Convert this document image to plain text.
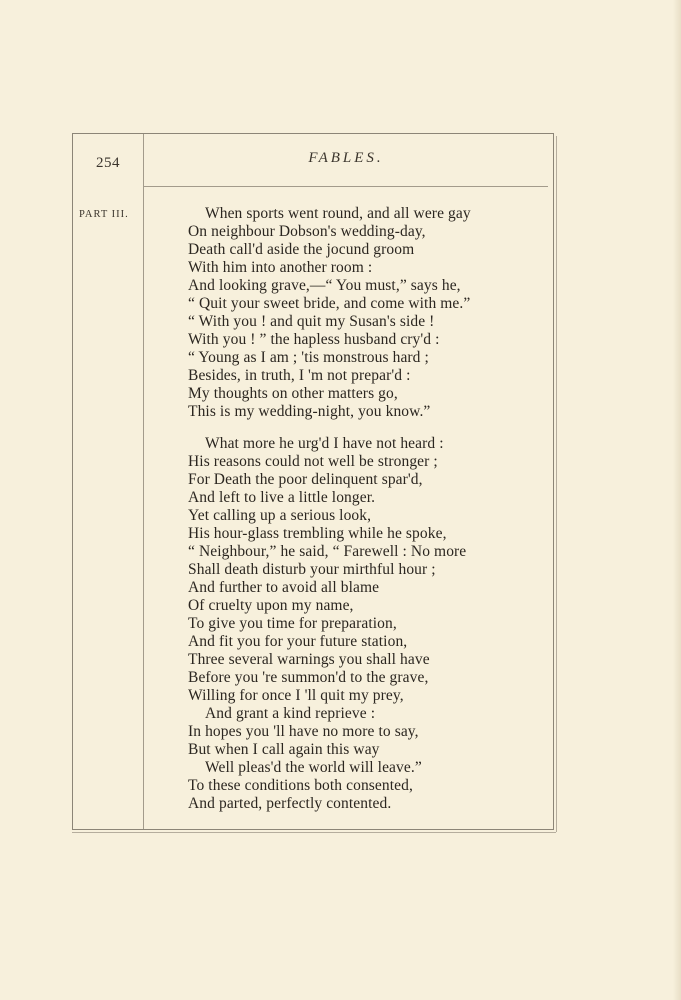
254	FABLES.
PART III.	When sports went round, and all were gay
On neighbour Dobson's wedding-day,
Death call'd aside the jocund groom
With him into another room :
And looking grave,—“ You must,” says he,
“ Quit your sweet bride, and come with me.”
“ With you ! and quit my Susan's side !
With you ! ” the hapless husband cry'd :
“ Young as I am ; 'tis monstrous hard ;
Besides, in truth, I 'm not prepar'd :
My thoughts on other matters go,
This is my wedding-night, you know.”
What more he urg'd I have not heard :
His reasons could not well be stronger ;
For Death the poor delinquent spar'd,
And left to live a little longer.
Yet calling up a serious look,
His hour-glass trembling while he spoke,
“ Neighbour,” he said, “ Farewell : No more
Shall death disturb your mirthful hour ;
And further to avoid all blame
Of cruelty upon my name,
To give you time for preparation,
And fit you for your future station,
Three several warnings you shall have
Before you 're summon'd to the grave,
Willing for once I 'll quit my prey,
And grant a kind reprieve :
In hopes you 'll have no more to say,
But when I call again this way
Well pleas'd the world will leave.”
To these conditions both consented,
And parted, perfectly contented.
